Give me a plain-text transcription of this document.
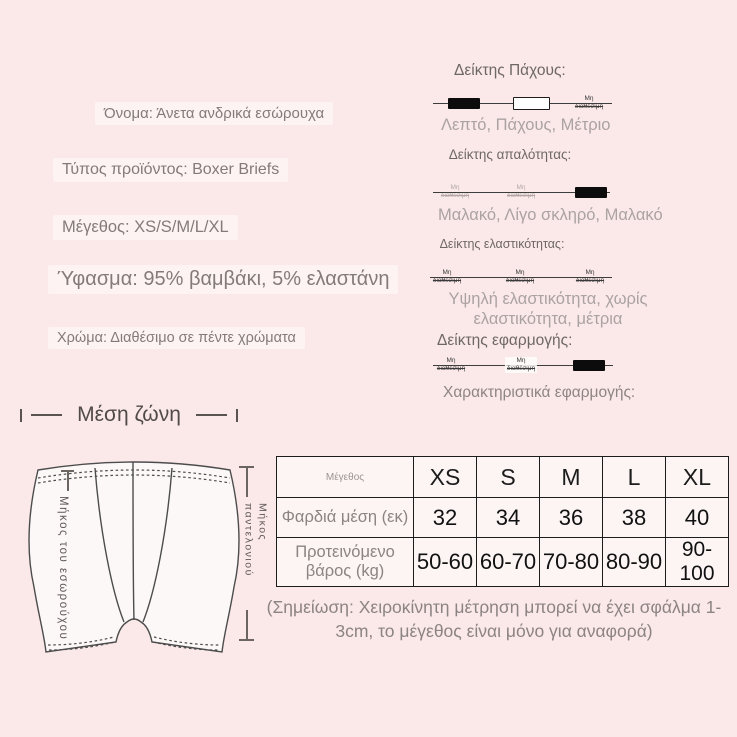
Όνομα: Άνετα ανδρικά εσώρουχα
Τύπος προϊόντος: Boxer Briefs
Μέγεθος: XS/S/M/L/XL
Ύφασμα: 95% βαμβάκι, 5% ελαστάνη
Χρώμα: Διαθέσιμο σε πέντε χρώματα
Δείκτης Πάχους:
Μη
διαθέσιμη
Λεπτό, Πάχους, Μέτριο
Δείκτης απαλότητας:
Μη
διαθέσιμη
Μη
διαθέσιμη
Μαλακό, Λίγο σκληρό, Μαλακό
Δείκτης ελαστικότητας:
Μη
διαθέσιμη
Μη
διαθέσιμη
Μη
διαθέσιμη
Υψηλή ελαστικότητα, χωρίς ελαστικότητα, μέτρια
Δείκτης εφαρμογής:
Μη
διαθέσιμη
Μη
διαθέσιμη
Χαρακτηριστικά εφαρμογής:
Μέση ζώνη
Μήκος του εσωρούχου	Μήκος παντελονιού
Μέγεθος	XS	S	M	L	XL
Φαρδιά μέση (εκ)	32	34	36	38	40
Προτεινόμενο βάρος (kg)	50-60	60-70	70-80	80-90	90-100
(Σημείωση: Χειροκίνητη μέτρηση μπορεί να έχει σφάλμα 1-3cm, το μέγεθος είναι μόνο για αναφορά)
